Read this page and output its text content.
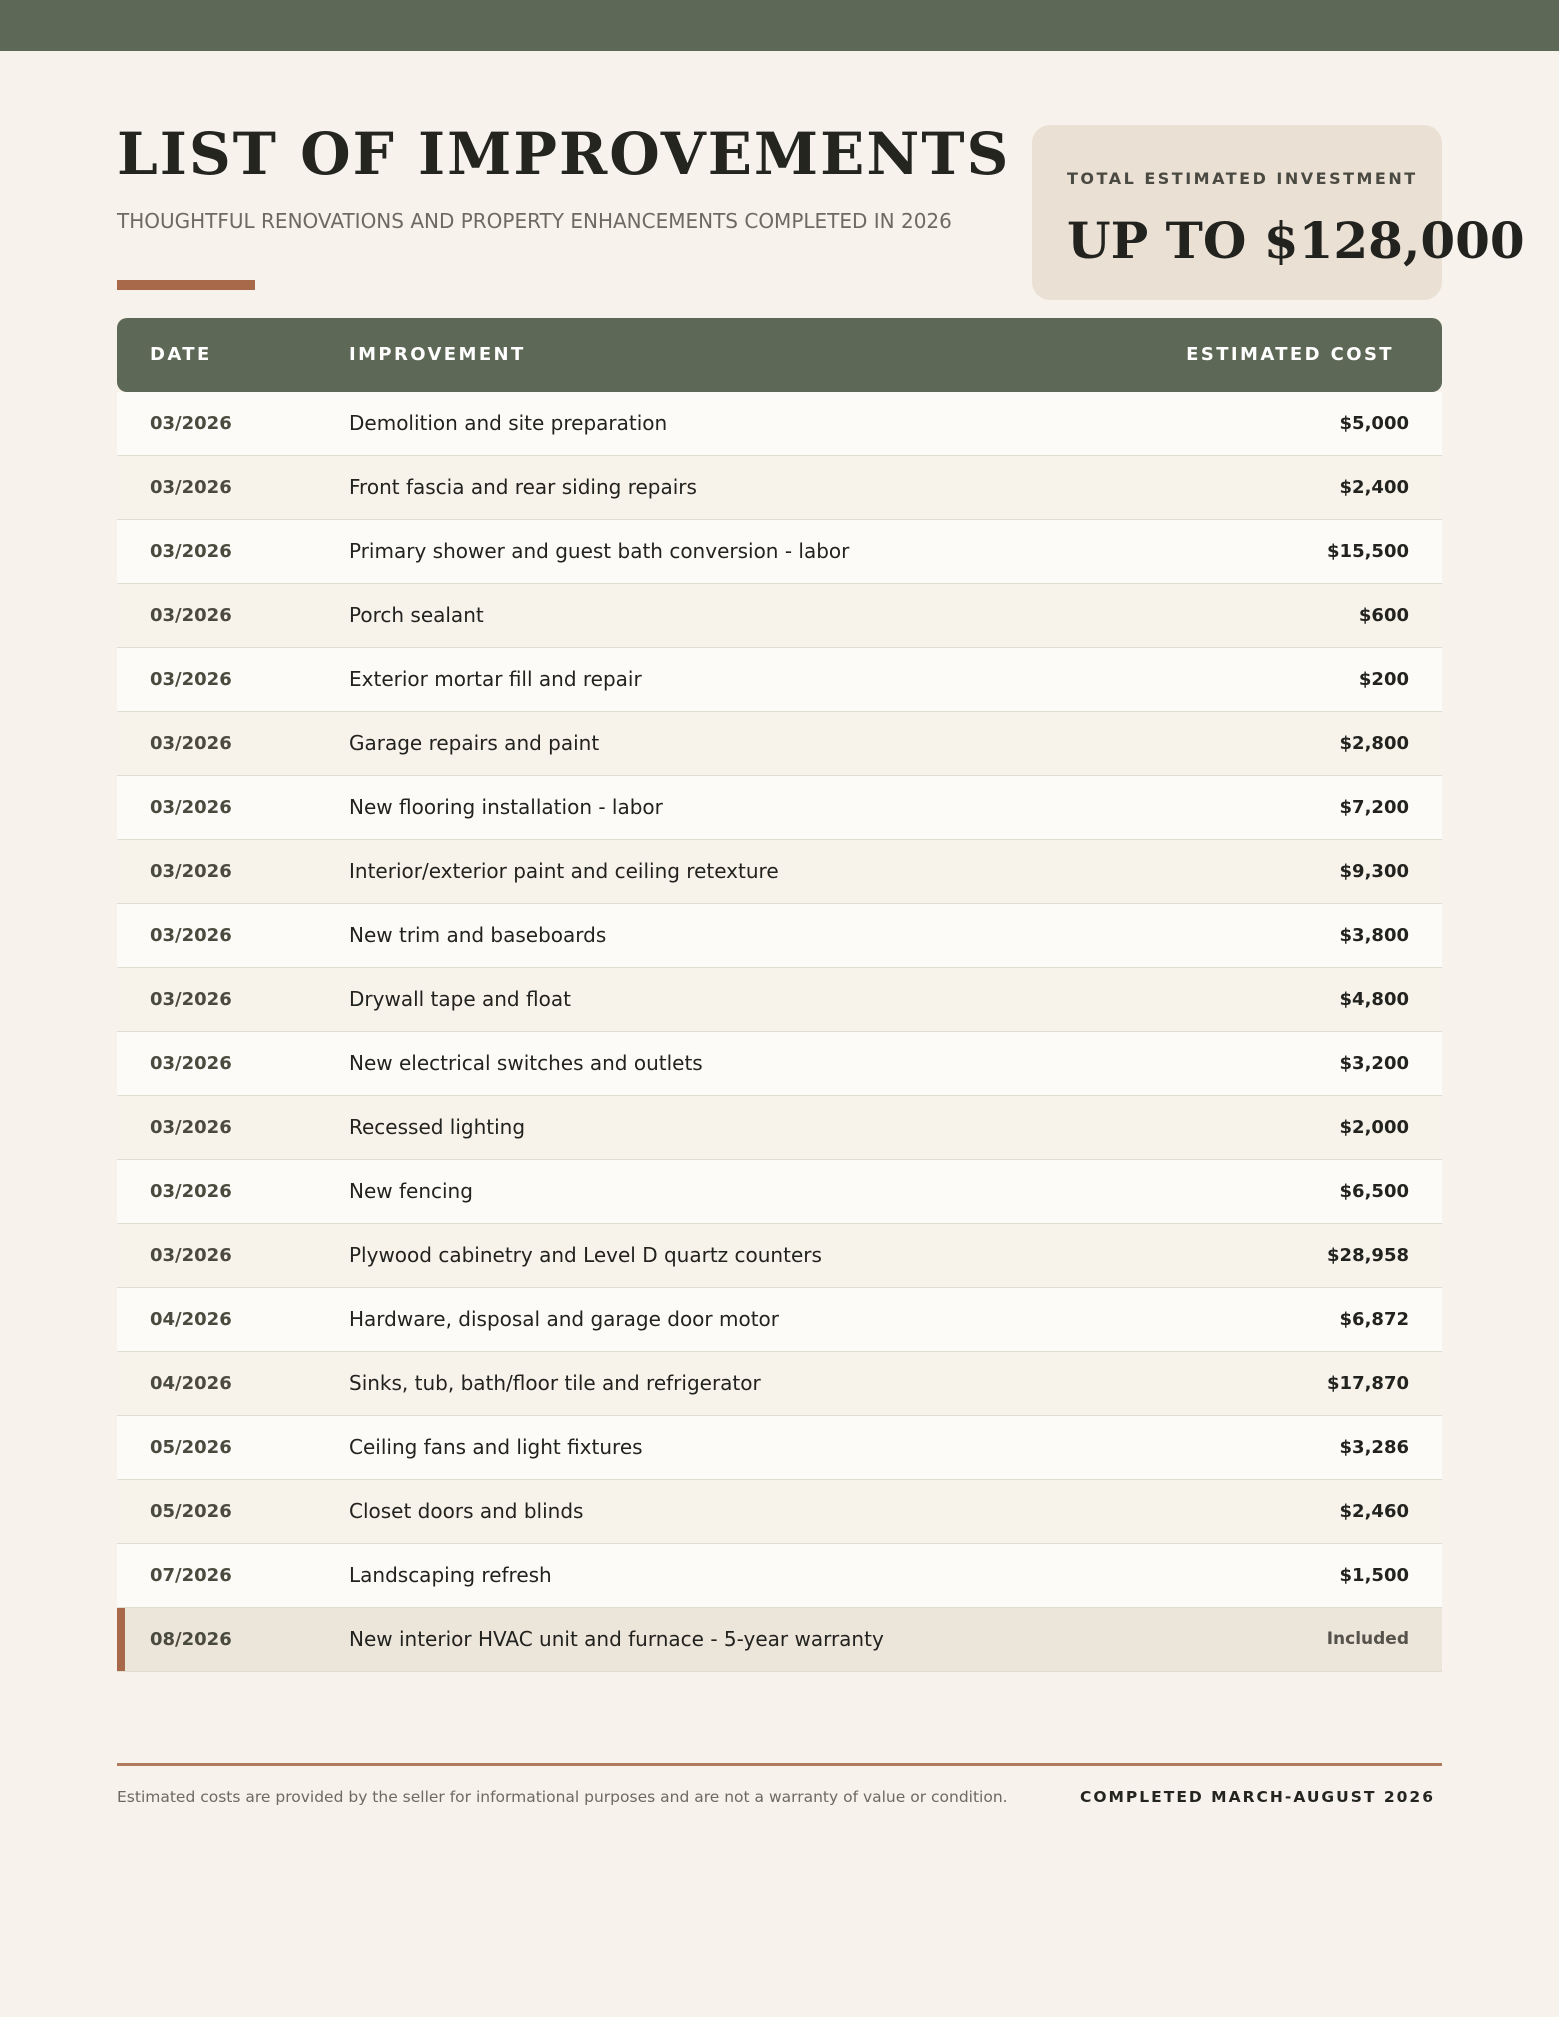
LIST OF IMPROVEMENTS
THOUGHTFUL RENOVATIONS AND PROPERTY ENHANCEMENTS COMPLETED IN 2026
TOTAL ESTIMATED INVESTMENT
UP TO $128,000
DATE	IMPROVEMENT	ESTIMATED COST
03/2026	Demolition and site preparation	$5,000
03/2026	Front fascia and rear siding repairs	$2,400
03/2026	Primary shower and guest bath conversion - labor	$15,500
03/2026	Porch sealant	$600
03/2026	Exterior mortar fill and repair	$200
03/2026	Garage repairs and paint	$2,800
03/2026	New flooring installation - labor	$7,200
03/2026	Interior/exterior paint and ceiling retexture	$9,300
03/2026	New trim and baseboards	$3,800
03/2026	Drywall tape and float	$4,800
03/2026	New electrical switches and outlets	$3,200
03/2026	Recessed lighting	$2,000
03/2026	New fencing	$6,500
03/2026	Plywood cabinetry and Level D quartz counters	$28,958
04/2026	Hardware, disposal and garage door motor	$6,872
04/2026	Sinks, tub, bath/floor tile and refrigerator	$17,870
05/2026	Ceiling fans and light fixtures	$3,286
05/2026	Closet doors and blinds	$2,460
07/2026	Landscaping refresh	$1,500
08/2026	New interior HVAC unit and furnace - 5-year warranty	Included
Estimated costs are provided by the seller for informational purposes and are not a warranty of value or condition.	COMPLETED MARCH-AUGUST 2026
